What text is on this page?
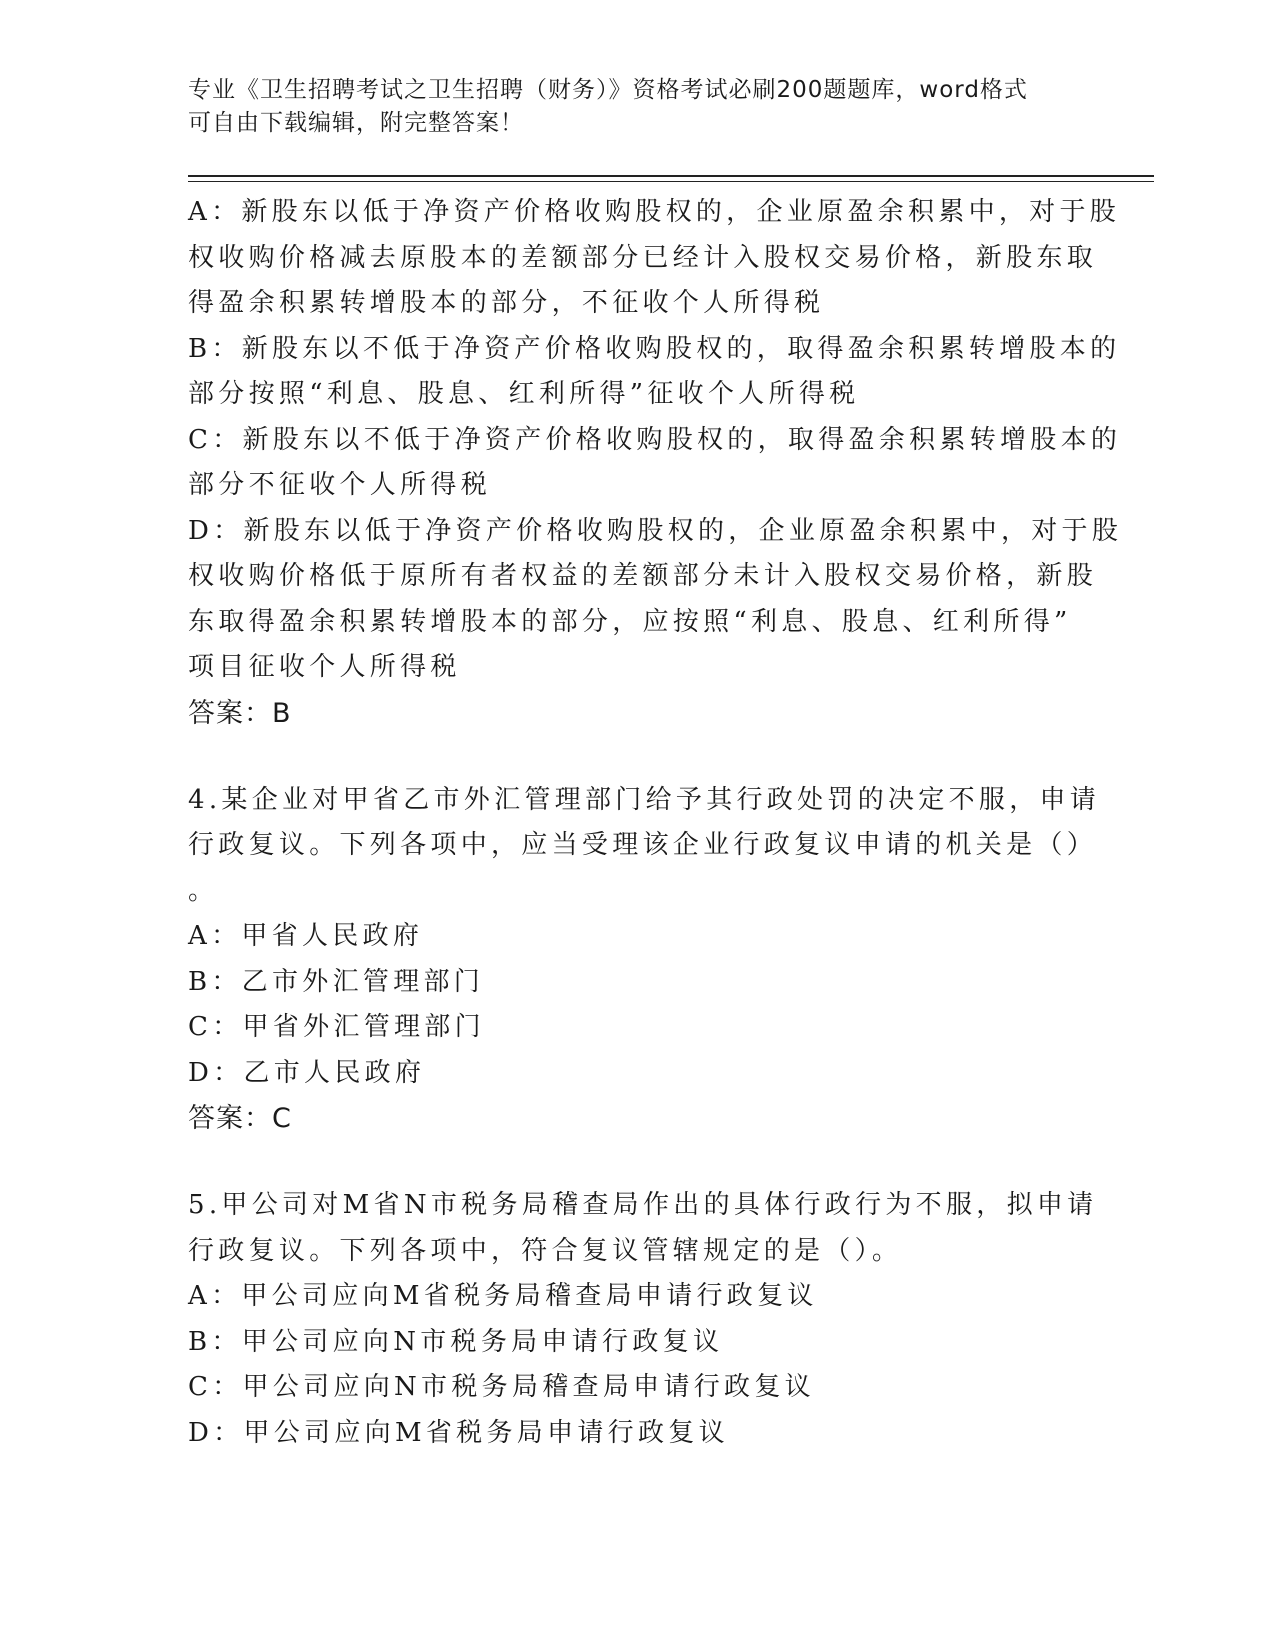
专业《卫生招聘考试之卫生招聘（财务）》资格考试必刷200题题库，word格式
可自由下载编辑，附完整答案！
A：新股东以低于净资产价格收购股权的，企业原盈余积累中，对于股
权收购价格减去原股本的差额部分已经计入股权交易价格，新股东取
得盈余积累转增股本的部分，不征收个人所得税
B：新股东以不低于净资产价格收购股权的，取得盈余积累转增股本的
部分按照“利息、股息、红利所得”征收个人所得税
C：新股东以不低于净资产价格收购股权的，取得盈余积累转增股本的
部分不征收个人所得税
D：新股东以低于净资产价格收购股权的，企业原盈余积累中，对于股
权收购价格低于原所有者权益的差额部分未计入股权交易价格，新股
东取得盈余积累转增股本的部分，应按照“利息、股息、红利所得”
项目征收个人所得税
答案：B
4.某企业对甲省乙市外汇管理部门给予其行政处罚的决定不服，申请
行政复议。下列各项中，应当受理该企业行政复议申请的机关是（）
。
A：甲省人民政府
B：乙市外汇管理部门
C：甲省外汇管理部门
D：乙市人民政府
答案：C
5.甲公司对M省N市税务局稽查局作出的具体行政行为不服，拟申请
行政复议。下列各项中，符合复议管辖规定的是（）。
A：甲公司应向M省税务局稽查局申请行政复议
B：甲公司应向N市税务局申请行政复议
C：甲公司应向N市税务局稽查局申请行政复议
D：甲公司应向M省税务局申请行政复议
